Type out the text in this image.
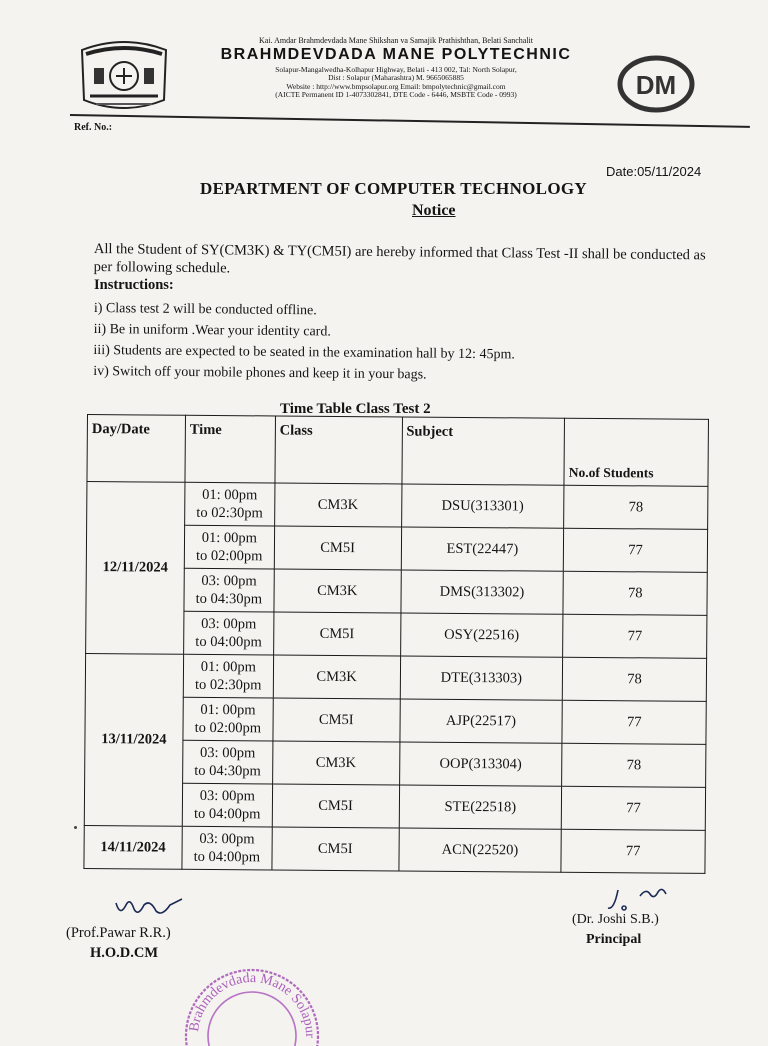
Kai. Amdar Brahmdevdada Mane Shikshan va Samajik Prathishthan, Belati Sanchalit
BRAHMDEVDADA MANE POLYTECHNIC
Solapur-Mangalwedha-Kolhapur Highway, Belati - 413 002, Tal: North Solapur,
Dist : Solapur (Maharashtra) M. 9665065885
Website : http://www.bmpsolapur.org Email: bmpolytechnic@gmail.com
(AICTE Permanent ID 1-4073302841, DTE Code - 6446, MSBTE Code - 0993)	DM
Ref. No.:
Date:05/11/2024
DEPARTMENT OF COMPUTER TECHNOLOGY
Notice
All the Student of SY(CM3K) & TY(CM5I) are hereby informed that Class Test -II shall be conducted as per following schedule.
Instructions:
i) Class test 2 will be conducted offline.
ii) Be in uniform .Wear your identity card.
iii) Students are expected to be seated in the examination hall by 12: 45pm.
iv) Switch off your mobile phones and keep it in your bags.
Time Table Class Test 2
Day/Date	Time	Class	Subject	No.of Students
12/11/2024	01: 00pm
to 02:30pm	CM3K	DSU(313301)	78

	01: 00pm
to 02:00pm	CM5I	EST(22447)	77

	03: 00pm
to 04:30pm	CM3K	DMS(313302)	78

	03: 00pm
to 04:00pm	CM5I	OSY(22516)	77
13/11/2024	01: 00pm
to 02:30pm	CM3K	DTE(313303)	78

	01: 00pm
to 02:00pm	CM5I	AJP(22517)	77

	03: 00pm
to 04:30pm	CM3K	OOP(313304)	78

	03: 00pm
to 04:00pm	CM5I	STE(22518)	77
14/11/2024	03: 00pm
to 04:00pm	CM5I	ACN(22520)	77
(Prof.Pawar R.R.)
H.O.D.CM
(Dr. Joshi S.B.)
Principal
Brahmdevdada Mane Solapur
